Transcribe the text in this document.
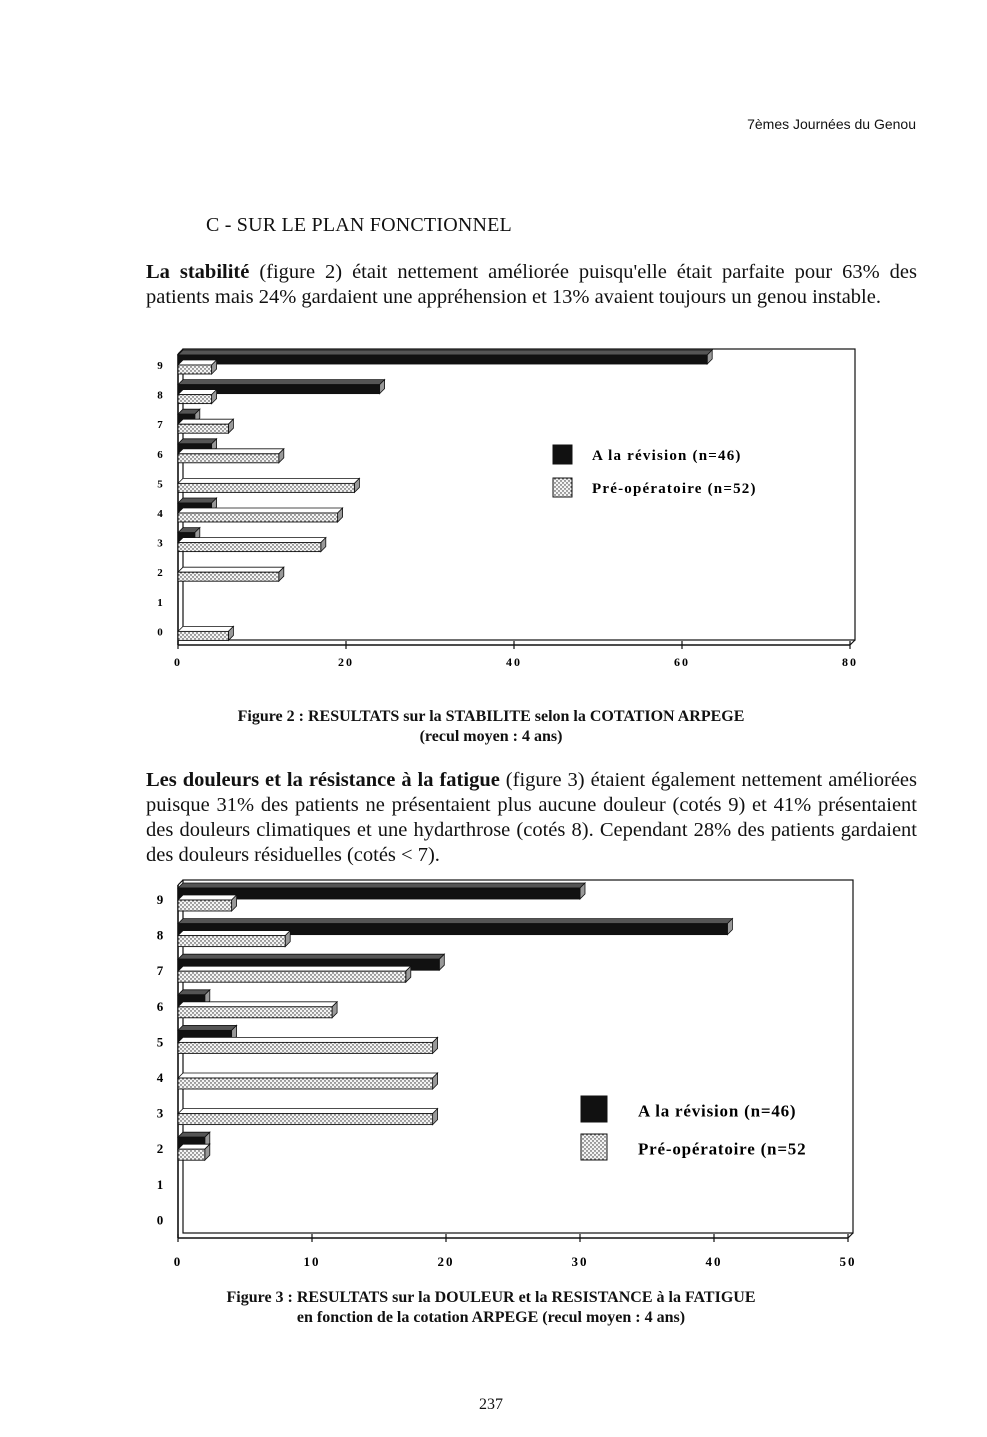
7èmes Journées du Genou
C - SUR LE PLAN FONCTIONNEL
La stabilité (figure 2) était nettement améliorée puisqu'elle était parfaite pour 63% des patients mais 24% gardaient une appréhension et 13% avaient toujours un genou instable.
0	20	40	60	80
0
1
2
3
4
5
6
7
8
9
A la révision (n=46)
Pré-opératoire (n=52)
0	10	20	30	40	50
0
1
2
3
4
5
6
7
8
9
A la révision (n=46)
Pré-opératoire (n=52
Figure 2 : RESULTATS sur la STABILITE selon la COTATION ARPEGE
(recul moyen : 4 ans)
Les douleurs et la résistance à la fatigue (figure 3) étaient également nettement améliorées puisque 31% des patients ne présentaient plus aucune douleur (cotés 9) et 41% présentaient des douleurs climatiques et une hydarthrose (cotés 8). Cependant 28% des patients gardaient des douleurs résiduelles (cotés < 7).
Figure 3 : RESULTATS sur la DOULEUR et la RESISTANCE à la FATIGUE
en fonction de la cotation ARPEGE (recul moyen : 4 ans)
237
